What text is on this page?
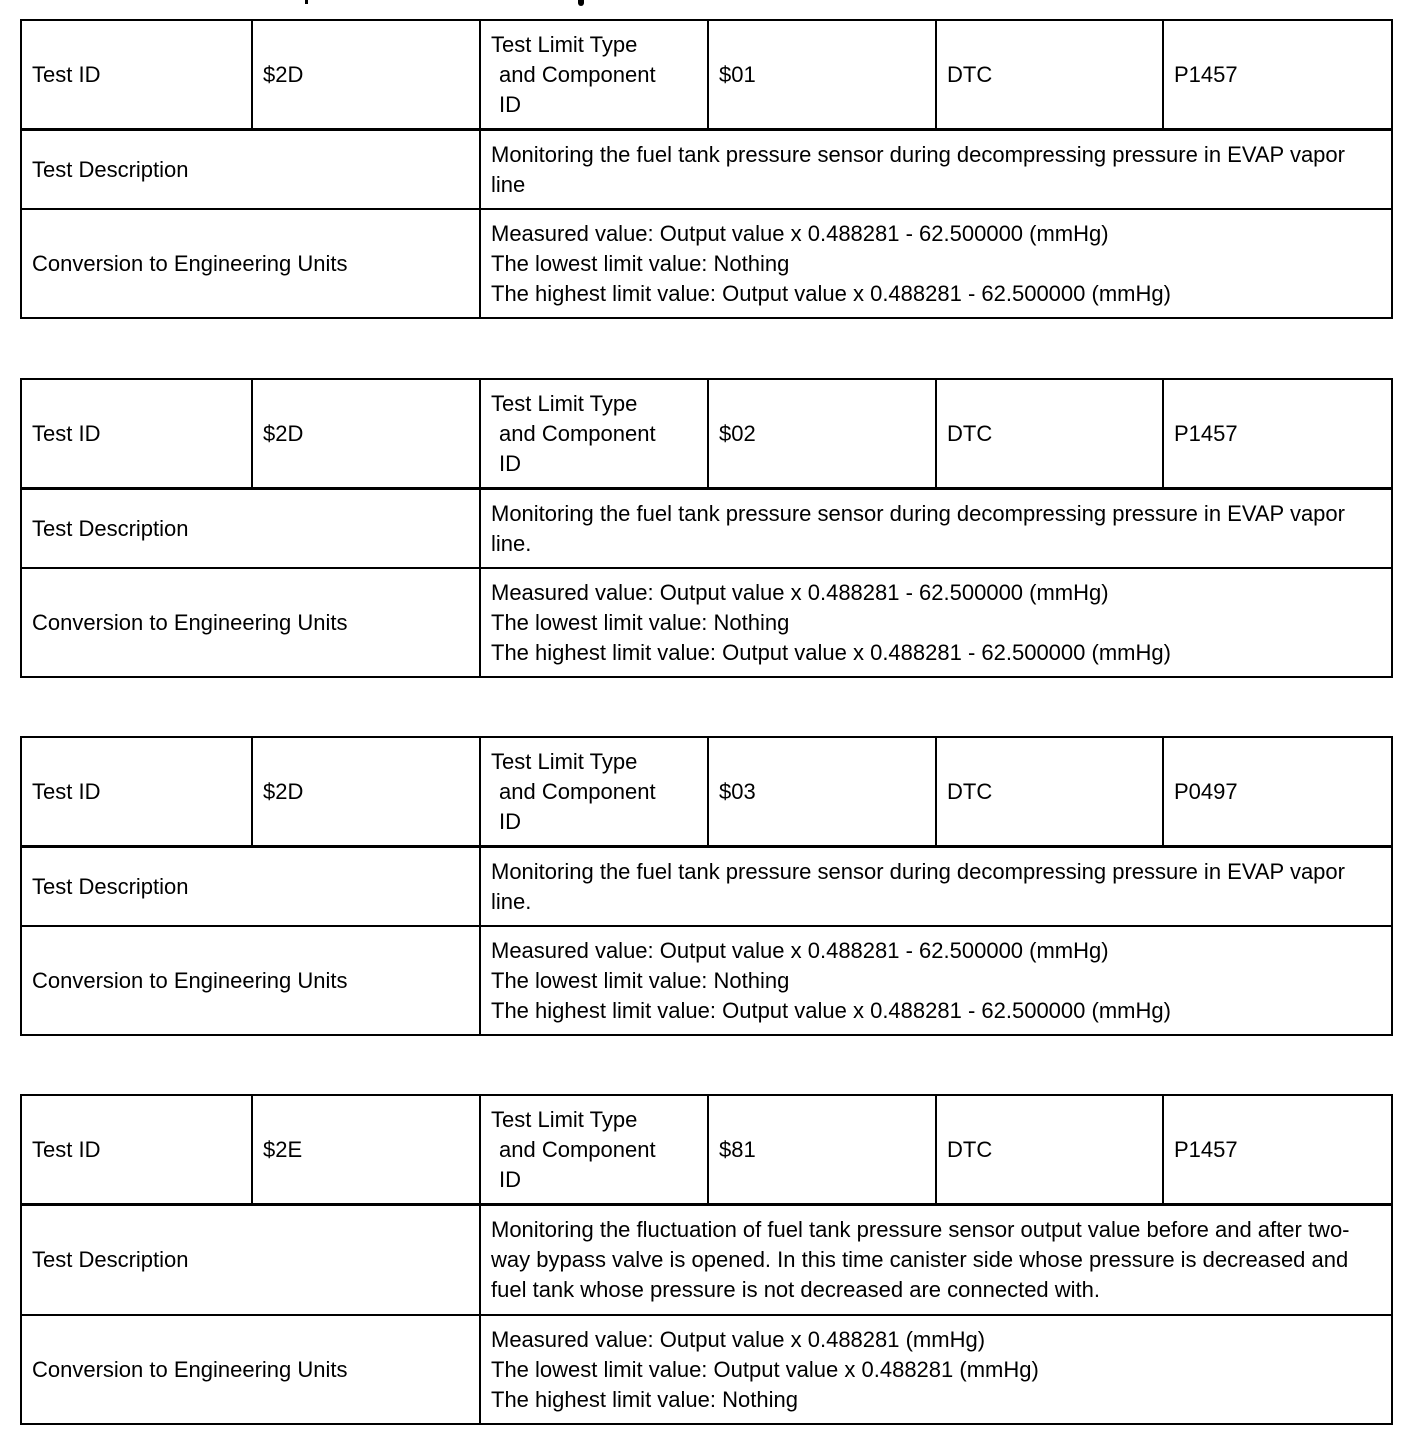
Test ID	$2D	Test Limit Type
and Component
ID	$01	DTC	P1457
Test Description		Monitoring the fuel tank pressure sensor during decompressing pressure in EVAP vapor line			
Conversion to Engineering Units		Measured value: Output value x 0.488281 - 62.500000 (mmHg)
The lowest limit value: Nothing
The highest limit value: Output value x 0.488281 - 62.500000 (mmHg)			
Test ID	$2D	Test Limit Type
and Component
ID	$02	DTC	P1457
Test Description		Monitoring the fuel tank pressure sensor during decompressing pressure in EVAP vapor line.			
Conversion to Engineering Units		Measured value: Output value x 0.488281 - 62.500000 (mmHg)
The lowest limit value: Nothing
The highest limit value: Output value x 0.488281 - 62.500000 (mmHg)			
Test ID	$2D	Test Limit Type
and Component
ID	$03	DTC	P0497
Test Description		Monitoring the fuel tank pressure sensor during decompressing pressure in EVAP vapor line.			
Conversion to Engineering Units		Measured value: Output value x 0.488281 - 62.500000 (mmHg)
The lowest limit value: Nothing
The highest limit value: Output value x 0.488281 - 62.500000 (mmHg)			
Test ID	$2E	Test Limit Type
and Component
ID	$81	DTC	P1457
Test Description		Monitoring the fluctuation of fuel tank pressure sensor output value before and after two-way bypass valve is opened. In this time canister side whose pressure is decreased and fuel tank whose pressure is not decreased are connected with.			
Conversion to Engineering Units		Measured value: Output value x 0.488281 (mmHg)
The lowest limit value: Output value x 0.488281 (mmHg)
The highest limit value: Nothing			
